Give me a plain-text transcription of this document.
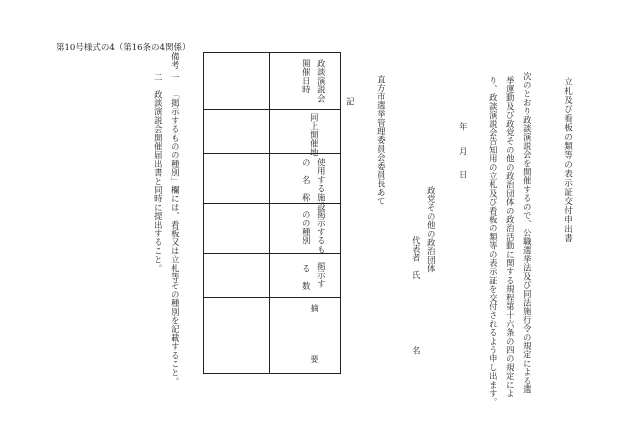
第10号様式の4（第16条の4関係）
立札及び看板の類等の表示証交付申出書
次のとおり政談演説会を開催するので、公職選挙法及び同法施行令の規定による選
挙運動及び政党その他の政治団体の政治活動に関する規程第十六条の四の規定によ
り、政談演説会告知用の立札及び看板の類等の表示証を交付されるよう申し出ます。
年
月
日
政党その他の政治団体
代表者　氏
名
直方市選挙管理委員会委員長あて
記
政談演説会
開催日時
同上開催地
使用する施設
の　名　称
掲示するも
のの種別
掲示す
る　数
摘　　　　　要
備考
一
「掲示するものの種別」欄には、看板又は立札等その種別を記載すること。
二
政談演説会開催届出書と同時に提出すること。
